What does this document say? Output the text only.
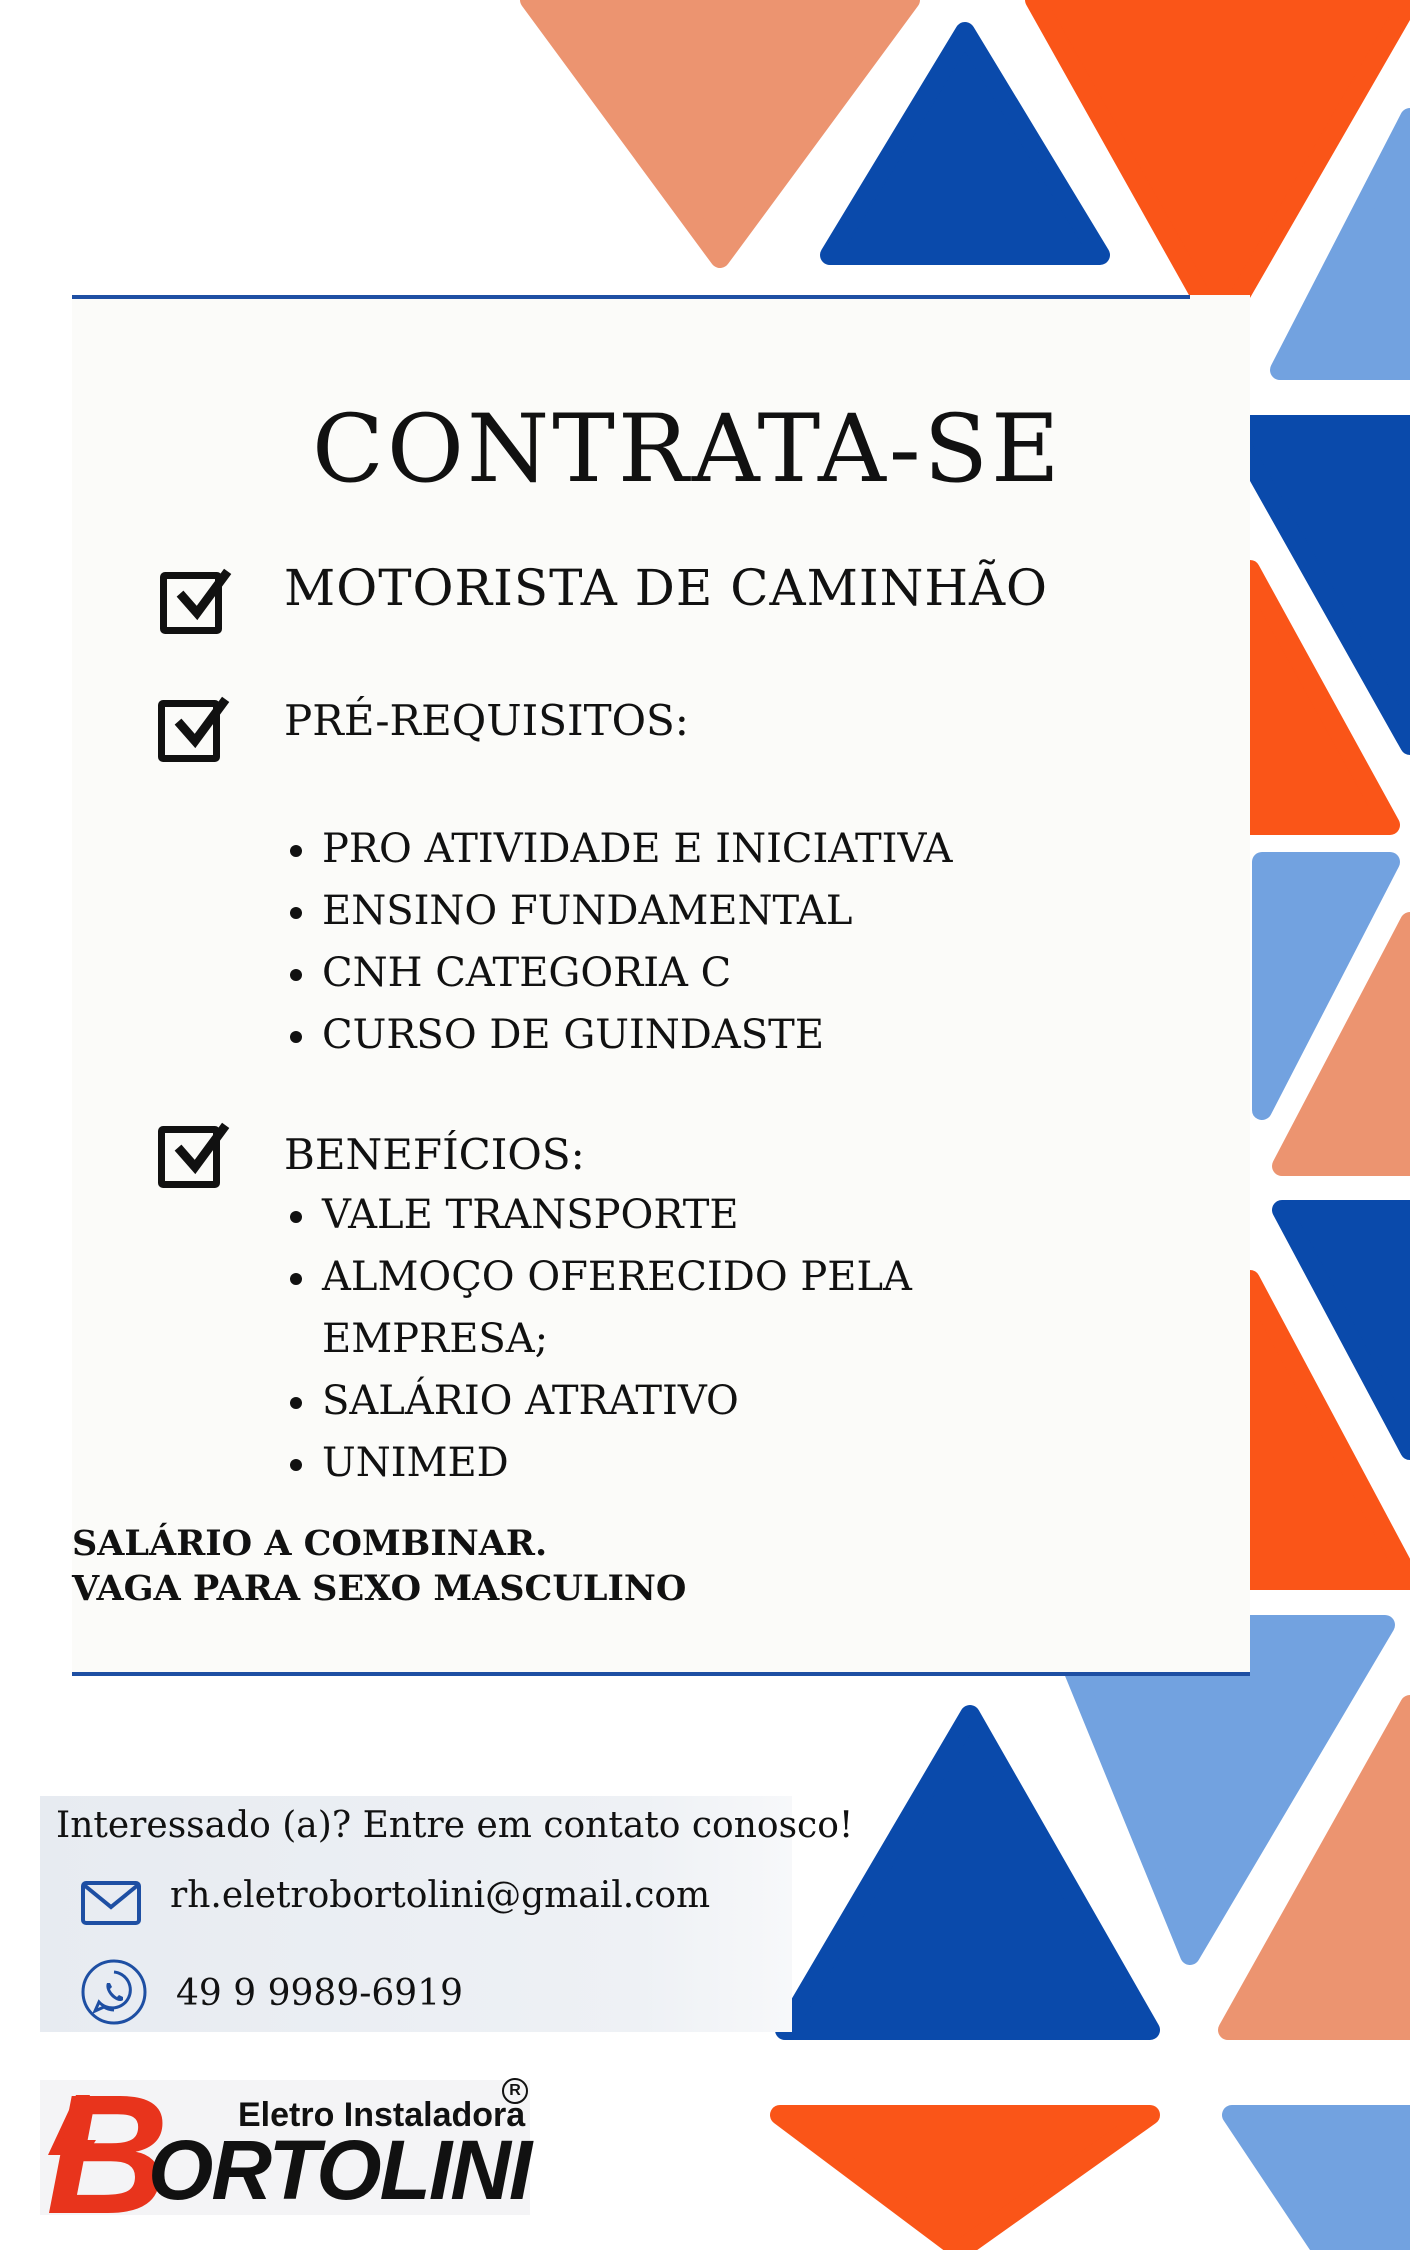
CONTRATA-SE
MOTORISTA DE CAMINHÃO
PRÉ-REQUISITOS:
PRO ATIVIDADE E INICIATIVA
ENSINO FUNDAMENTAL
CNH CATEGORIA C
CURSO DE GUINDASTE
BENEFÍCIOS:
VALE TRANSPORTE
ALMOÇO OFERECIDO PELA
EMPRESA;
SALÁRIO ATRATIVO
UNIMED
SALÁRIO A COMBINAR.
VAGA PARA SEXO MASCULINO
Interessado (a)? Entre em contato conosco!
rh.eletrobortolini@gmail.com
49 9 9989-6919
B Eletro Instaladora
ORTOLINI
R
